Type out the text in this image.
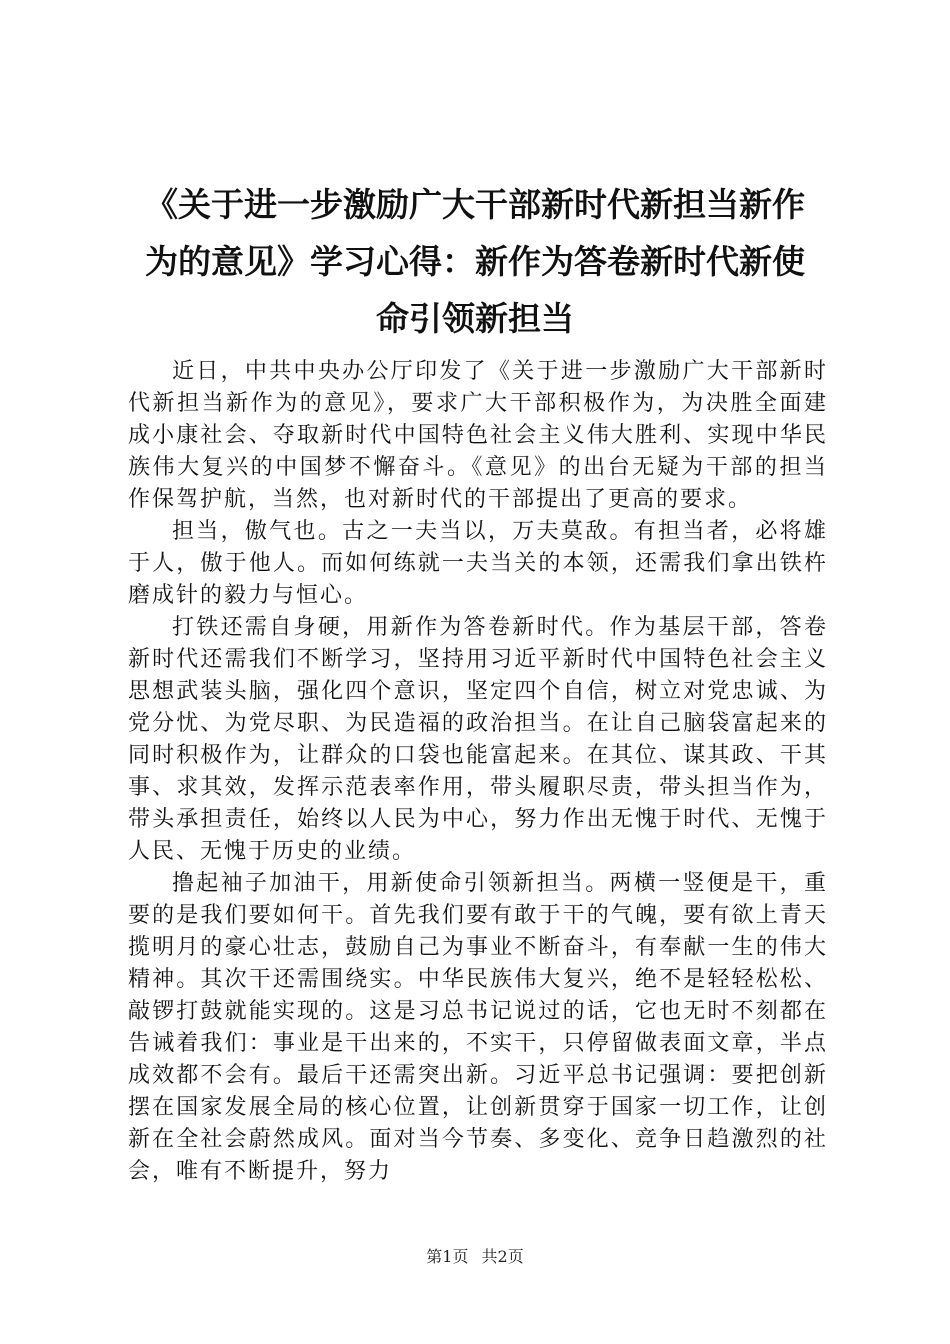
《关于进一步激励广大干部新时代新担当新作
为的意见》学习心得：新作为答卷新时代新使
命引领新担当

近日，中共中央办公厅印发了《关于进一步激励广大干部新时代新担当新作为的意见》，要求广大干部积极作为，为决胜全面建成小康社会、夺取新时代中国特色社会主义伟大胜利、实现中华民族伟大复兴的中国梦不懈奋斗。《意见》的出台无疑为干部的担当作保驾护航，当然，也对新时代的干部提出了更高的要求。

担当，傲气也。古之一夫当以，万夫莫敌。有担当者，必将雄于人，傲于他人。而如何练就一夫当关的本领，还需我们拿出铁杵磨成针的毅力与恒心。

打铁还需自身硬，用新作为答卷新时代。作为基层干部，答卷新时代还需我们不断学习，坚持用习近平新时代中国特色社会主义思想武装头脑，强化四个意识，坚定四个自信，树立对党忠诚、为党分忧、为党尽职、为民造福的政治担当。在让自己脑袋富起来的同时积极作为，让群众的口袋也能富起来。在其位、谋其政、干其事、求其效，发挥示范表率作用，带头履职尽责，带头担当作为，带头承担责任，始终以人民为中心，努力作出无愧于时代、无愧于人民、无愧于历史的业绩。

撸起袖子加油干，用新使命引领新担当。两横一竖便是干，重要的是我们要如何干。首先我们要有敢于干的气魄，要有欲上青天揽明月的豪心壮志，鼓励自己为事业不断奋斗，有奉献一生的伟大精神。其次干还需围绕实。中华民族伟大复兴，绝不是轻轻松松、敲锣打鼓就能实现的。这是习总书记说过的话，它也无时不刻都在告诫着我们：事业是干出来的，不实干，只停留做表面文章，半点成效都不会有。最后干还需突出新。习近平总书记强调：要把创新摆在国家发展全局的核心位置，让创新贯穿于国家一切工作，让创新在全社会蔚然成风。面对当今节奏、多变化、竞争日趋激烈的社会，唯有不断提升，努力

第1页 共2页
